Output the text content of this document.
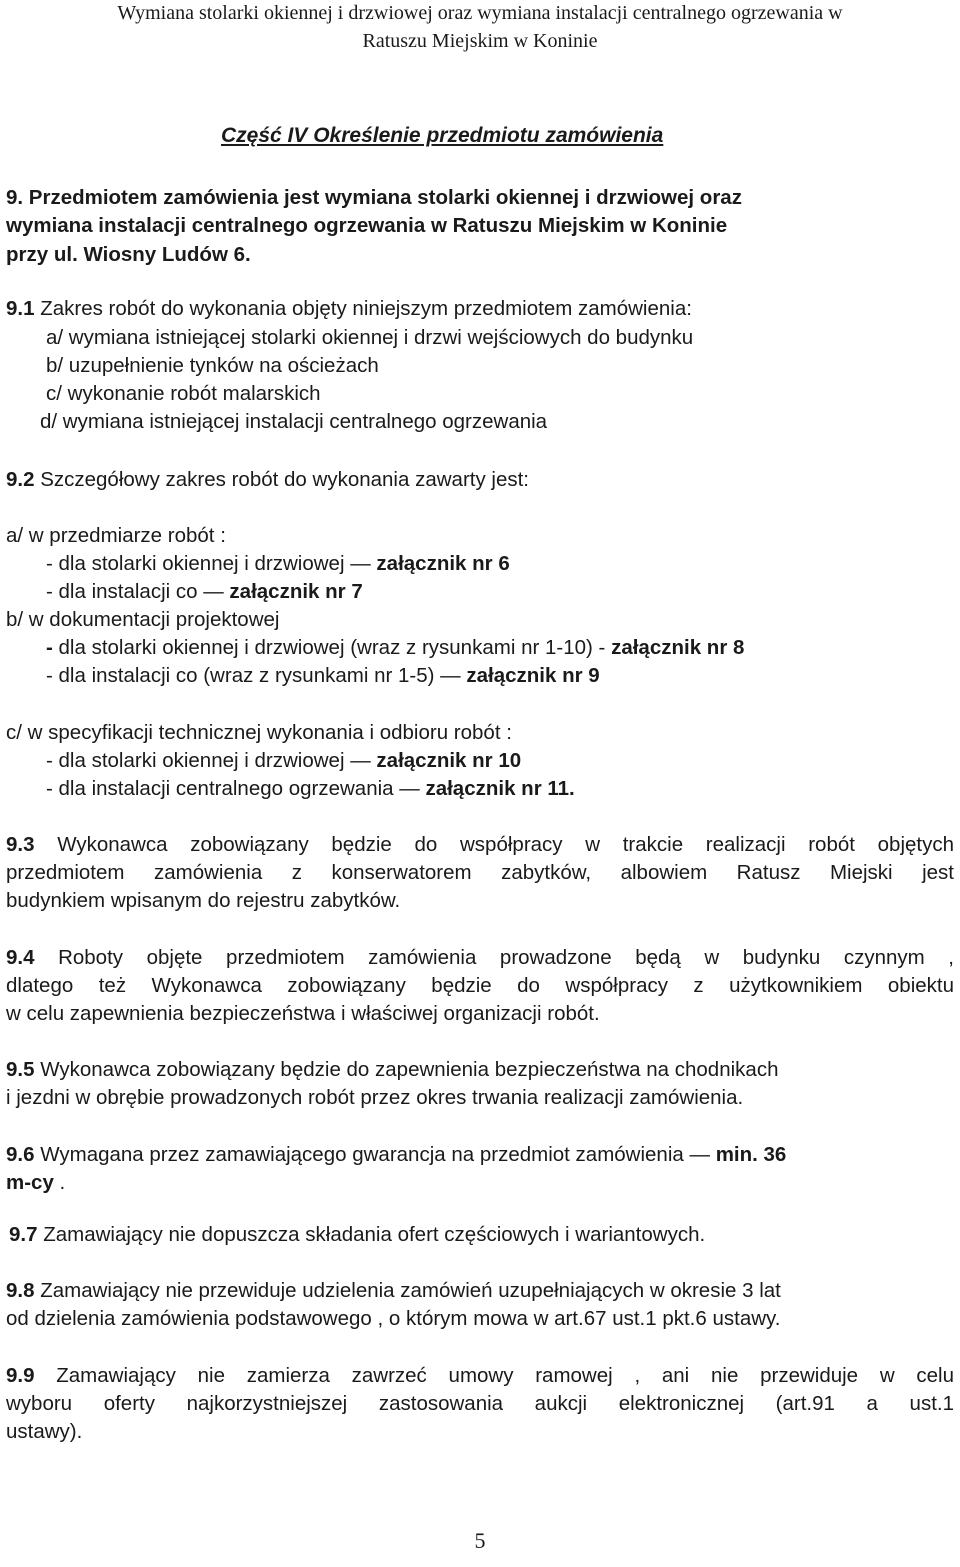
Wymiana stolarki okiennej i drzwiowej oraz wymiana instalacji centralnego ogrzewania w
Ratuszu Miejskim w Koninie
Część IV Określenie przedmiotu zamówienia
9. Przedmiotem zamówienia jest wymiana stolarki okiennej i drzwiowej oraz
wymiana instalacji centralnego ogrzewania w Ratuszu Miejskim w Koninie
przy ul. Wiosny Ludów 6.
9.1 Zakres robót do wykonania objęty niniejszym przedmiotem zamówienia:
a/ wymiana istniejącej stolarki okiennej i drzwi wejściowych do budynku
b/ uzupełnienie tynków na ościeżach
c/ wykonanie robót malarskich
d/ wymiana istniejącej instalacji centralnego ogrzewania
9.2 Szczegółowy zakres robót do wykonania zawarty jest:
a/ w przedmiarze robót :
- dla stolarki okiennej i drzwiowej — załącznik nr 6
- dla instalacji co — załącznik nr 7
b/ w dokumentacji projektowej
- dla stolarki okiennej i drzwiowej (wraz z rysunkami nr 1-10) - załącznik nr 8
- dla instalacji co (wraz z rysunkami nr 1-5) — załącznik nr 9
c/ w specyfikacji technicznej wykonania i odbioru robót :
- dla stolarki okiennej i drzwiowej — załącznik nr 10
- dla instalacji centralnego ogrzewania — załącznik nr 11.
9.3 Wykonawca zobowiązany będzie do współpracy w trakcie realizacji robót objętych
przedmiotem zamówienia z konserwatorem zabytków, albowiem Ratusz Miejski jest
budynkiem wpisanym do rejestru zabytków.
9.4 Roboty objęte przedmiotem zamówienia prowadzone będą w budynku czynnym ,
dlatego też Wykonawca zobowiązany będzie do współpracy z użytkownikiem obiektu
w celu zapewnienia bezpieczeństwa i właściwej organizacji robót.
9.5 Wykonawca zobowiązany będzie do zapewnienia bezpieczeństwa na chodnikach
i jezdni w obrębie prowadzonych robót przez okres trwania realizacji zamówienia.
9.6 Wymagana przez zamawiającego gwarancja na przedmiot zamówienia — min. 36
m-cy .
9.7 Zamawiający nie dopuszcza składania ofert częściowych i wariantowych.
9.8 Zamawiający nie przewiduje udzielenia zamówień uzupełniających w okresie 3 lat
od dzielenia zamówienia podstawowego , o którym mowa w art.67 ust.1 pkt.6 ustawy.
9.9 Zamawiający nie zamierza zawrzeć umowy ramowej , ani nie przewiduje w celu
wyboru oferty najkorzystniejszej zastosowania aukcji elektronicznej (art.91 a ust.1
ustawy).
5
